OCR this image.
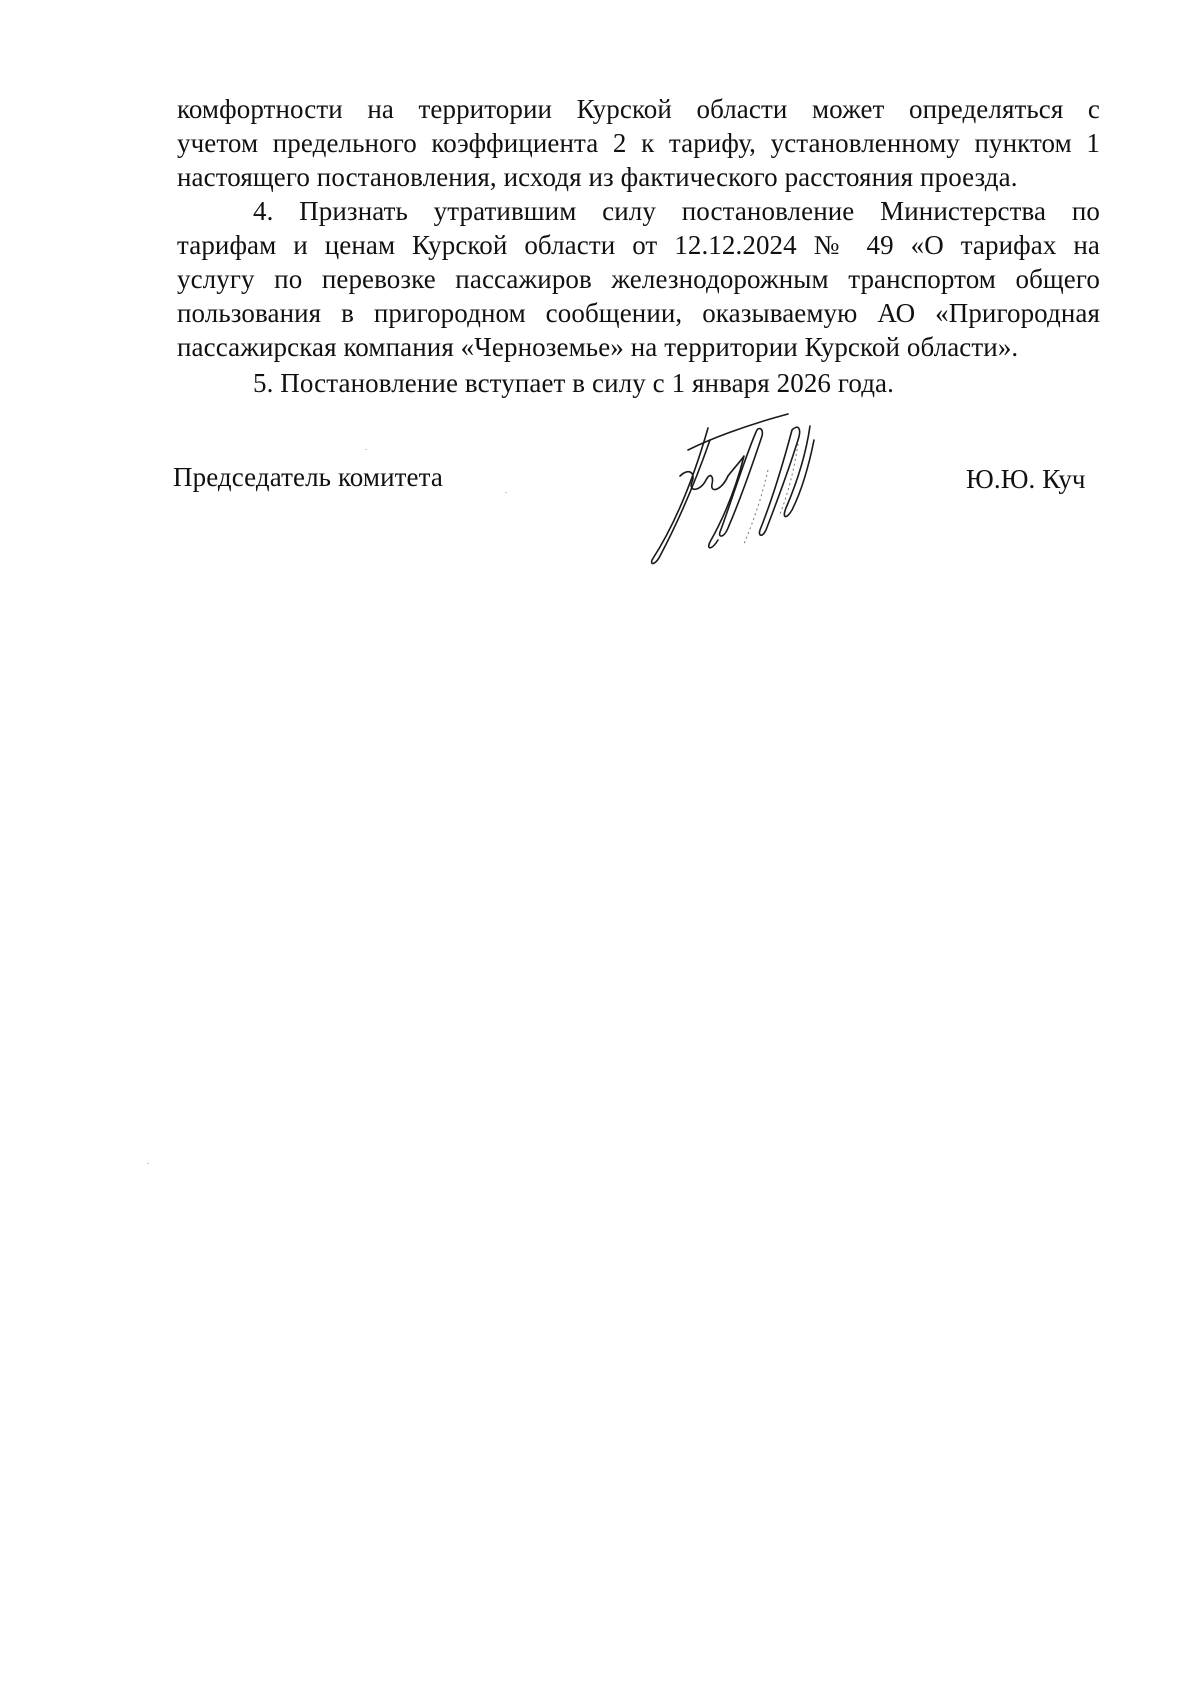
комфортности на территории Курской области может определяться с
учетом предельного коэффициента 2 к тарифу, установленному пунктом 1
настоящего постановления, исходя из фактического расстояния проезда.
4. Признать утратившим силу постановление Министерства по
тарифам и ценам Курской области от 12.12.2024 № 49 «О тарифах на
услугу по перевозке пассажиров железнодорожным транспортом общего
пользования в пригородном сообщении, оказываемую АО «Пригородная
пассажирская компания «Черноземье» на территории Курской области».
5. Постановление вступает в силу с 1 января 2026 года.
Председатель комитета	Ю.Ю. Куч
